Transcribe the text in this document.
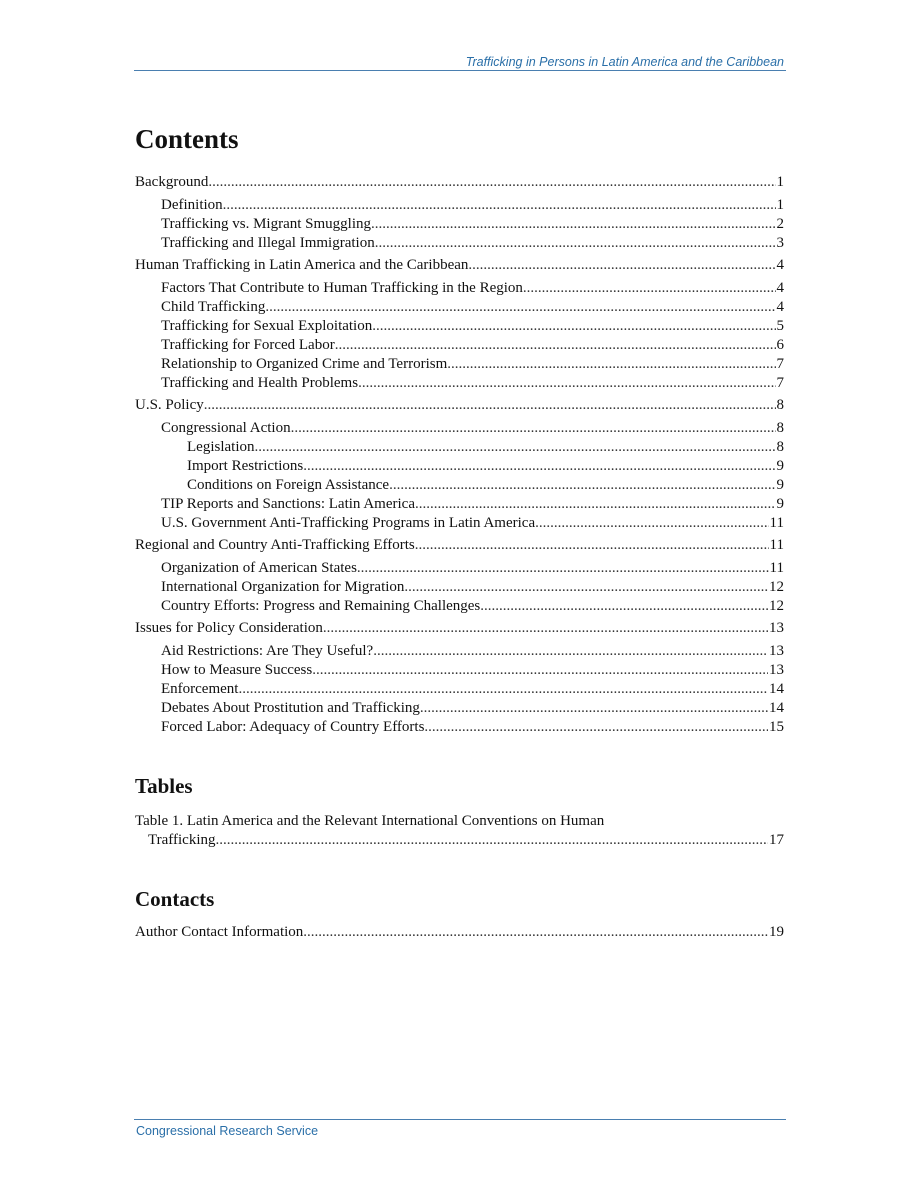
Trafficking in Persons in Latin America and the Caribbean
Contents
Background .....	1
Definition .....	1
Trafficking vs. Migrant Smuggling .....	2
Trafficking and Illegal Immigration .....	3
Human Trafficking in Latin America and the Caribbean .....	4
Factors That Contribute to Human Trafficking in the Region .....	4
Child Trafficking .....	4
Trafficking for Sexual Exploitation .....	5
Trafficking for Forced Labor .....	6
Relationship to Organized Crime and Terrorism .....	7
Trafficking and Health Problems .....	7
U.S. Policy .....	8
Congressional Action .....	8
Legislation .....	8
Import Restrictions .....	9
Conditions on Foreign Assistance .....	9
TIP Reports and Sanctions: Latin America .....	9
U.S. Government Anti-Trafficking Programs in Latin America .....	11
Regional and Country Anti-Trafficking Efforts .....	11
Organization of American States .....	11
International Organization for Migration .....	12
Country Efforts: Progress and Remaining Challenges .....	12
Issues for Policy Consideration .....	13
Aid Restrictions: Are They Useful? .....	13
How to Measure Success .....	13
Enforcement .....	14
Debates About Prostitution and Trafficking .....	14
Forced Labor: Adequacy of Country Efforts .....	15
Tables
Table 1. Latin America and the Relevant International Conventions on Human
Trafficking .....	17
Contacts
Author Contact Information .....	19
Congressional Research Service
